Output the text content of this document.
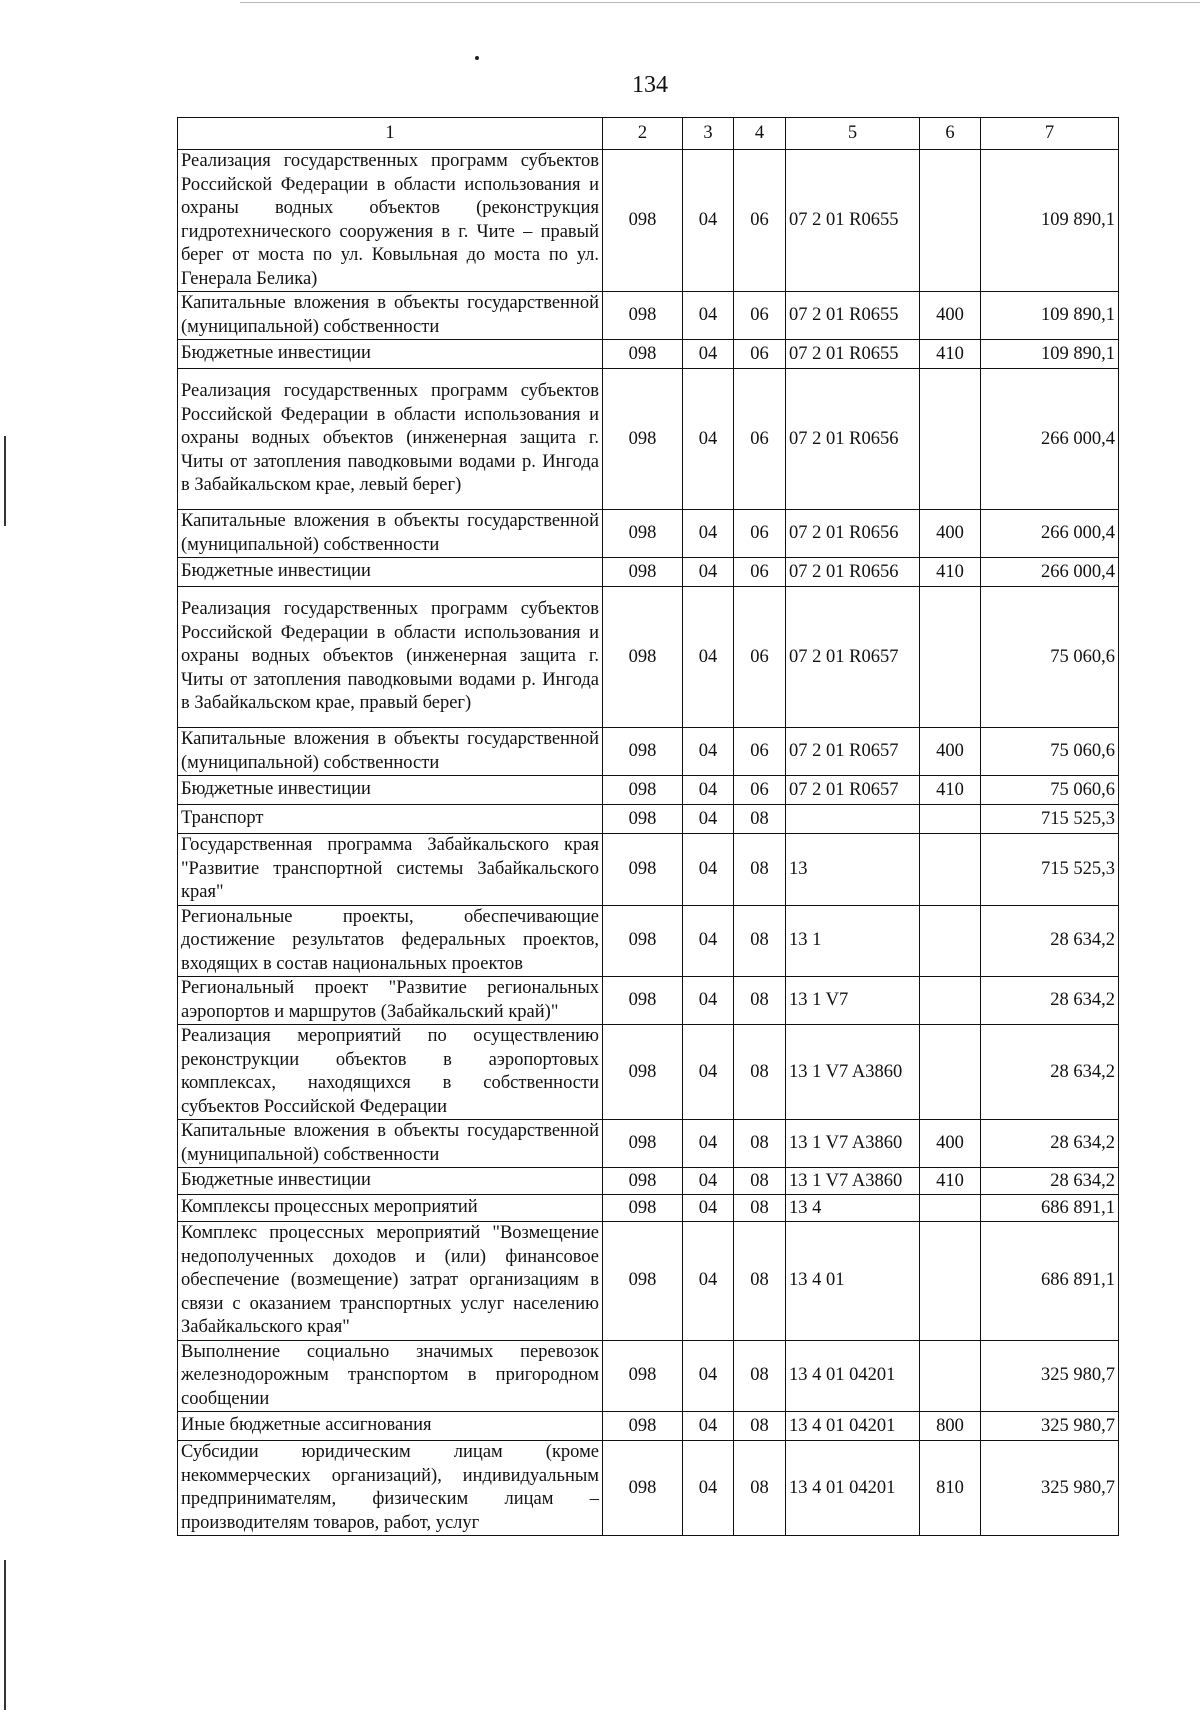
134
1	2	3	4	5	6	7
Реализация государственных программ субъектов Российской Федерации в области использования и охраны водных объектов (реконструкция гидротехнического сооружения в г. Чите – правый берег от моста по ул. Ковыльная до моста по ул. Генерала Белика)	098	04	06	07 2 01 R0655		109 890,1
Капитальные вложения в объекты государственной (муниципальной) собственности	098	04	06	07 2 01 R0655	400	109 890,1
Бюджетные инвестиции	098	04	06	07 2 01 R0655	410	109 890,1
Реализация государственных программ субъектов Российской Федерации в области использования и охраны водных объектов (инженерная защита г. Читы от затопления паводковыми водами р. Ингода в Забайкальском крае, левый берег)	098	04	06	07 2 01 R0656		266 000,4
Капитальные вложения в объекты государственной (муниципальной) собственности	098	04	06	07 2 01 R0656	400	266 000,4
Бюджетные инвестиции	098	04	06	07 2 01 R0656	410	266 000,4
Реализация государственных программ субъектов Российской Федерации в области использования и охраны водных объектов (инженерная защита г. Читы от затопления паводковыми водами р. Ингода в Забайкальском крае, правый берег)	098	04	06	07 2 01 R0657		75 060,6
Капитальные вложения в объекты государственной (муниципальной) собственности	098	04	06	07 2 01 R0657	400	75 060,6
Бюджетные инвестиции	098	04	06	07 2 01 R0657	410	75 060,6
Транспорт	098	04	08			715 525,3
Государственная программа Забайкальского края "Развитие транспортной системы Забайкальского края"	098	04	08	13		715 525,3
Региональные проекты, обеспечивающие достижение результатов федеральных проектов, входящих в состав национальных проектов	098	04	08	13 1		28 634,2
Региональный проект "Развитие региональных аэропортов и маршрутов (Забайкальский край)"	098	04	08	13 1 V7		28 634,2
Реализация мероприятий по осуществлению реконструкции объектов в аэропортовых комплексах, находящихся в собственности субъектов Российской Федерации	098	04	08	13 1 V7 A3860		28 634,2
Капитальные вложения в объекты государственной (муниципальной) собственности	098	04	08	13 1 V7 A3860	400	28 634,2
Бюджетные инвестиции	098	04	08	13 1 V7 A3860	410	28 634,2
Комплексы процессных мероприятий	098	04	08	13 4		686 891,1
Комплекс процессных мероприятий "Возмещение недополученных доходов и (или) финансовое обеспечение (возмещение) затрат организациям в связи с оказанием транспортных услуг населению Забайкальского края"	098	04	08	13 4 01		686 891,1
Выполнение социально значимых перевозок железнодорожным транспортом в пригородном сообщении	098	04	08	13 4 01 04201		325 980,7
Иные бюджетные ассигнования	098	04	08	13 4 01 04201	800	325 980,7
Субсидии юридическим лицам (кроме некоммерческих организаций), индивидуальным предпринимателям, физическим лицам – производителям товаров, работ, услуг	098	04	08	13 4 01 04201	810	325 980,7
